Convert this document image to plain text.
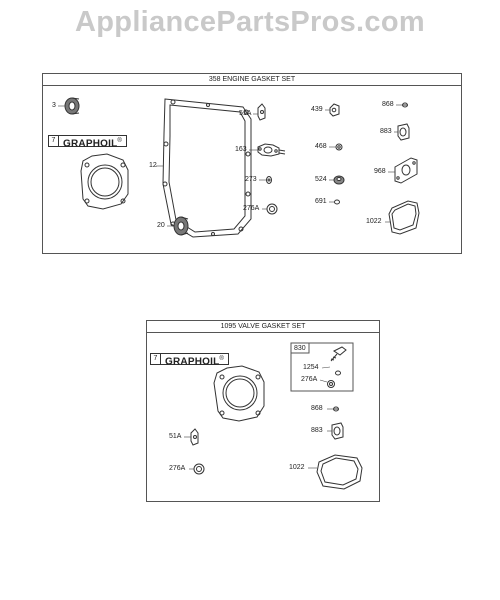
AppliancePartsPros.com
358 ENGINE GASKET SET
7 GRAPHOIL®
3
12
20
51A
163
273
276A
439
468
524
691
868
883
968
1022
1095 VALVE GASKET SET
7 GRAPHOIL®
830
1254
276A
868
883
51A
276A	1022
